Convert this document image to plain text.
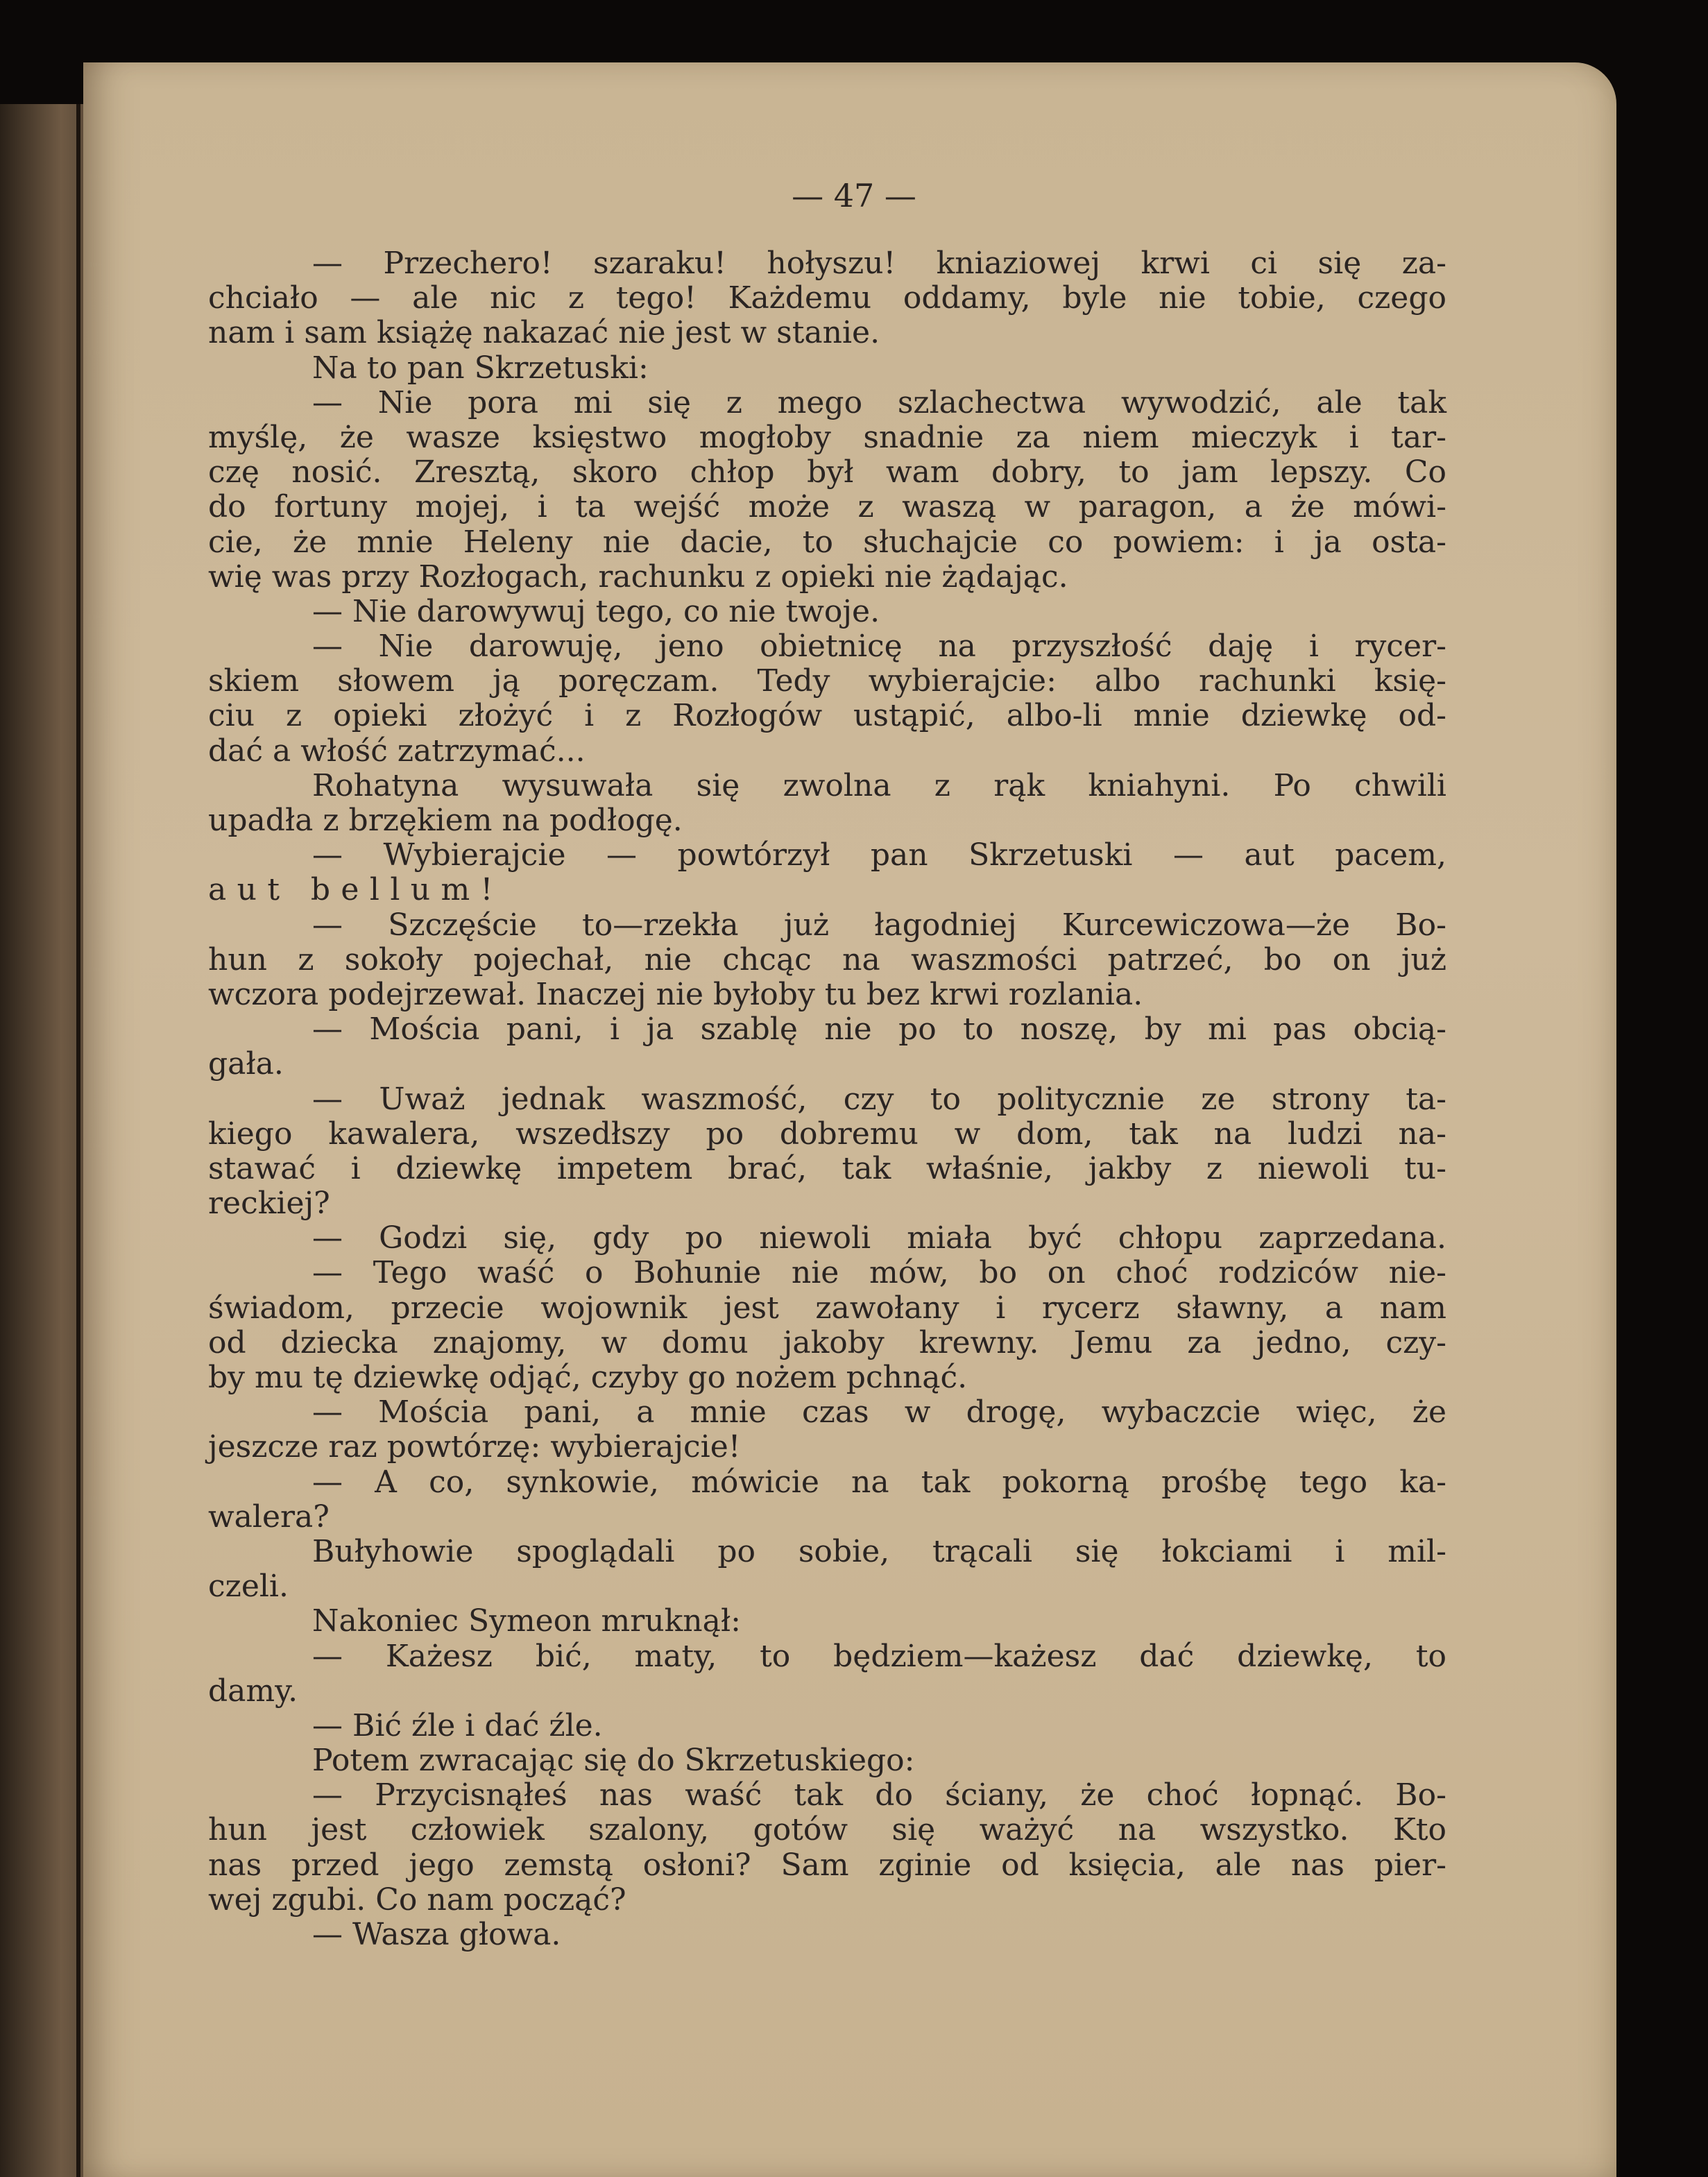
— 47 —
— Przechero! szaraku! hołyszu! kniaziowej krwi ci się za-
chciało — ale nic z tego! Każdemu oddamy, byle nie tobie, czego
nam i sam książę nakazać nie jest w stanie.
Na to pan Skrzetuski:
— Nie pora mi się z mego szlachectwa wywodzić, ale tak
myślę, że wasze księstwo mogłoby snadnie za niem mieczyk i tar-
czę nosić. Zresztą, skoro chłop był wam dobry, to jam lepszy. Co
do fortuny mojej, i ta wejść może z waszą w paragon, a że mówi-
cie, że mnie Heleny nie dacie, to słuchajcie co powiem: i ja osta-
wię was przy Rozłogach, rachunku z opieki nie żądając.
— Nie darowywuj tego, co nie twoje.
— Nie darowuję, jeno obietnicę na przyszłość daję i rycer-
skiem słowem ją poręczam. Tedy wybierajcie: albo rachunki księ-
ciu z opieki złożyć i z Rozłogów ustąpić, albo-li mnie dziewkę od-
dać a włość zatrzymać...
Rohatyna wysuwała się zwolna z rąk kniahyni. Po chwili
upadła z brzękiem na podłogę.
— Wybierajcie — powtórzył pan Skrzetuski — aut pacem,
aut bellum!
— Szczęście to—rzekła już łagodniej Kurcewiczowa—że Bo-
hun z sokoły pojechał, nie chcąc na waszmości patrzeć, bo on już
wczora podejrzewał. Inaczej nie byłoby tu bez krwi rozlania.
— Mościa pani, i ja szablę nie po to noszę, by mi pas obcią-
gała.
— Uważ jednak waszmość, czy to politycznie ze strony ta-
kiego kawalera, wszedłszy po dobremu w dom, tak na ludzi na-
stawać i dziewkę impetem brać, tak właśnie, jakby z niewoli tu-
reckiej?
— Godzi się, gdy po niewoli miała być chłopu zaprzedana.
— Tego waść o Bohunie nie mów, bo on choć rodziców nie-
świadom, przecie wojownik jest zawołany i rycerz sławny, a nam
od dziecka znajomy, w domu jakoby krewny. Jemu za jedno, czy-
by mu tę dziewkę odjąć, czyby go nożem pchnąć.
— Mościa pani, a mnie czas w drogę, wybaczcie więc, że
jeszcze raz powtórzę: wybierajcie!
— A co, synkowie, mówicie na tak pokorną prośbę tego ka-
walera?
Bułyhowie spoglądali po sobie, trącali się łokciami i mil-
czeli.
Nakoniec Symeon mruknął:
— Każesz bić, maty, to będziem—każesz dać dziewkę, to
damy.
— Bić źle i dać źle.
Potem zwracając się do Skrzetuskiego:
— Przycisnąłeś nas waść tak do ściany, że choć łopnąć. Bo-
hun jest człowiek szalony, gotów się ważyć na wszystko. Kto
nas przed jego zemstą osłoni? Sam zginie od księcia, ale nas pier-
wej zgubi. Co nam począć?
— Wasza głowa.
